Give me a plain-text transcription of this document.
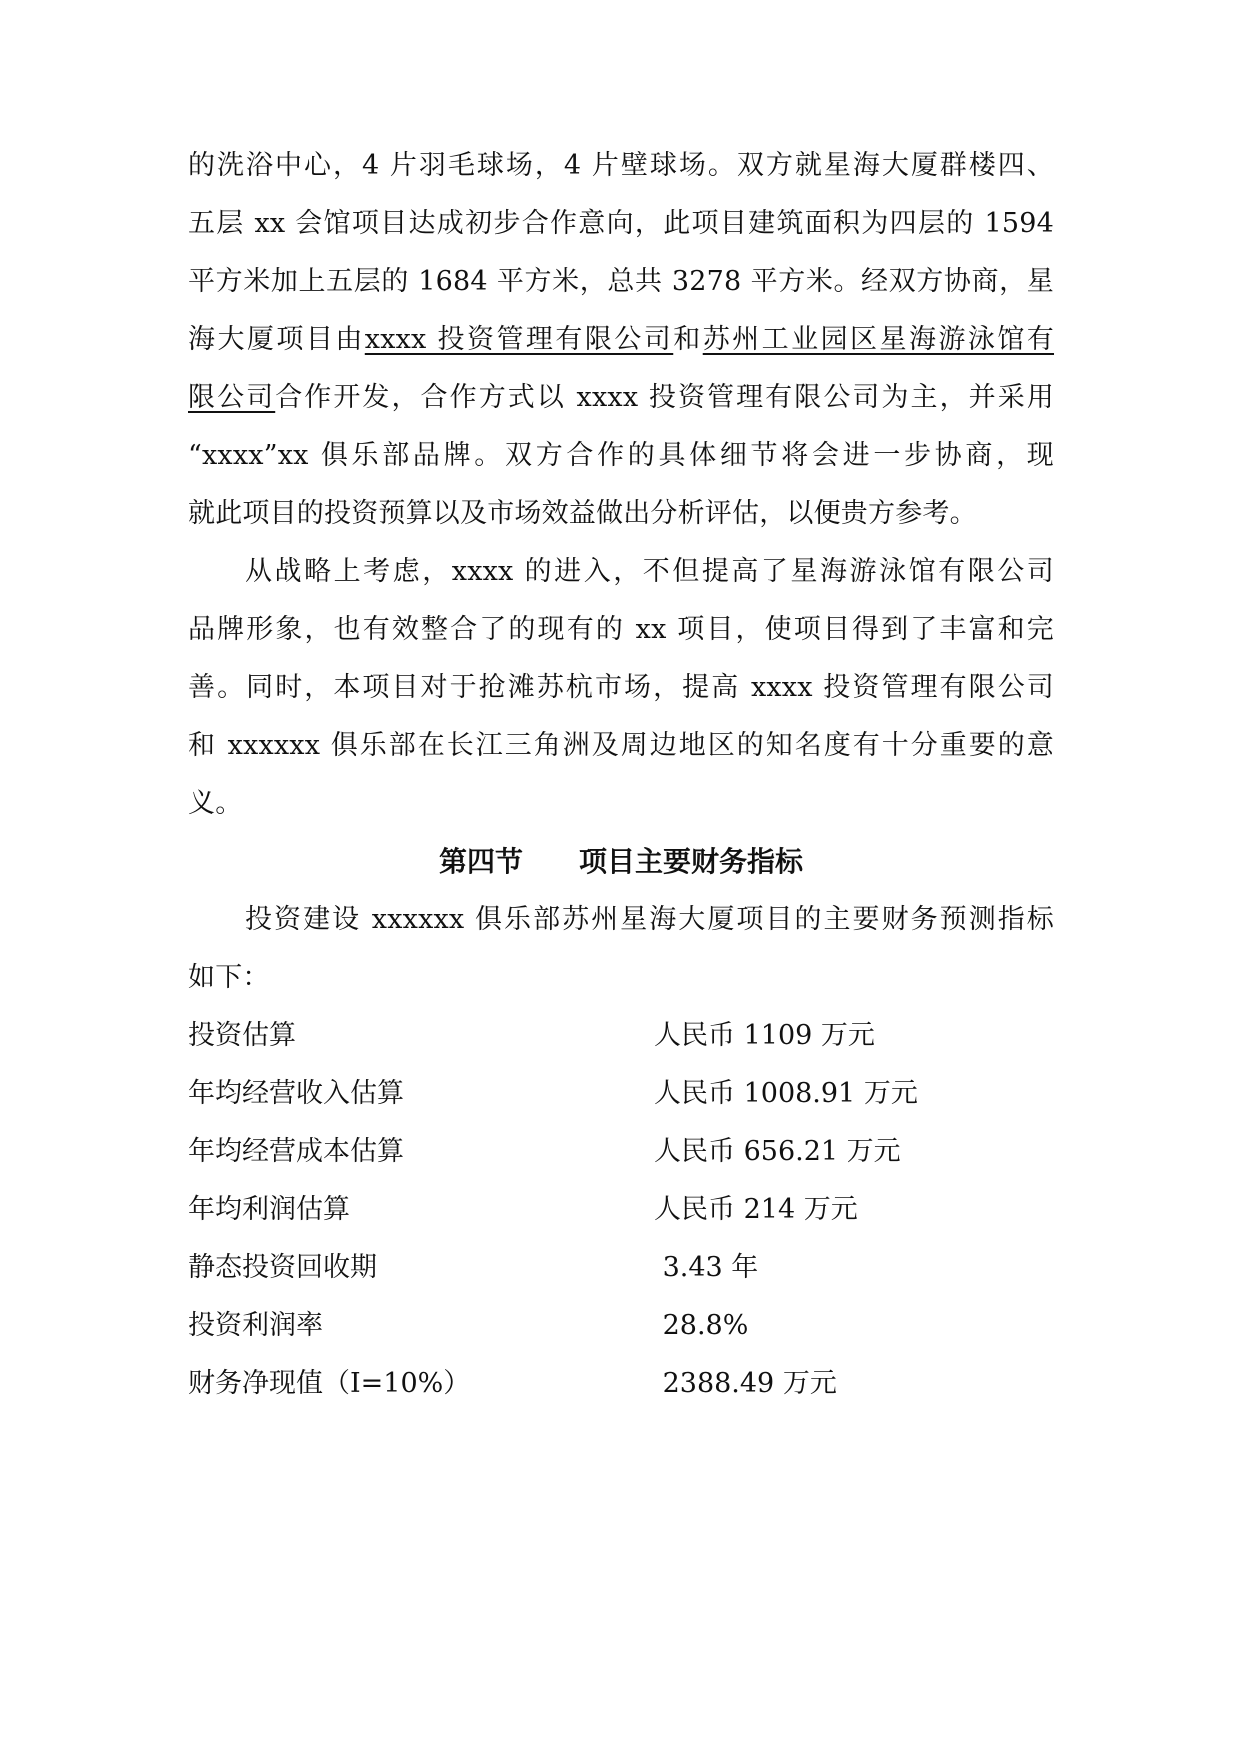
的洗浴中心，4 片羽毛球场，4 片壁球场。双方就星海大厦群楼四、
五层 xx 会馆项目达成初步合作意向，此项目建筑面积为四层的 1594
平方米加上五层的 1684 平方米，总共 3278 平方米。经双方协商，星
海大厦项目由xxxx 投资管理有限公司和苏州工业园区星海游泳馆有
限公司合作开发，合作方式以 xxxx 投资管理有限公司为主，并采用
“xxxx”xx 俱乐部品牌。双方合作的具体细节将会进一步协商，现
就此项目的投资预算以及市场效益做出分析评估，以便贵方参考。
从战略上考虑，xxxx 的进入，不但提高了星海游泳馆有限公司
品牌形象，也有效整合了的现有的 xx 项目，使项目得到了丰富和完
善。同时，本项目对于抢滩苏杭市场，提高 xxxx 投资管理有限公司
和 xxxxxx 俱乐部在长江三角洲及周边地区的知名度有十分重要的意
义。
第四节　　项目主要财务指标
投资建设 xxxxxx 俱乐部苏州星海大厦项目的主要财务预测指标
如下：
投资估算	人民币 1109 万元
年均经营收入估算	人民币 1008.91 万元
年均经营成本估算	人民币 656.21 万元
年均利润估算	人民币 214 万元
静态投资回收期	3.43 年
投资利润率	28.8%
财务净现值（I=10%）	2388.49 万元
